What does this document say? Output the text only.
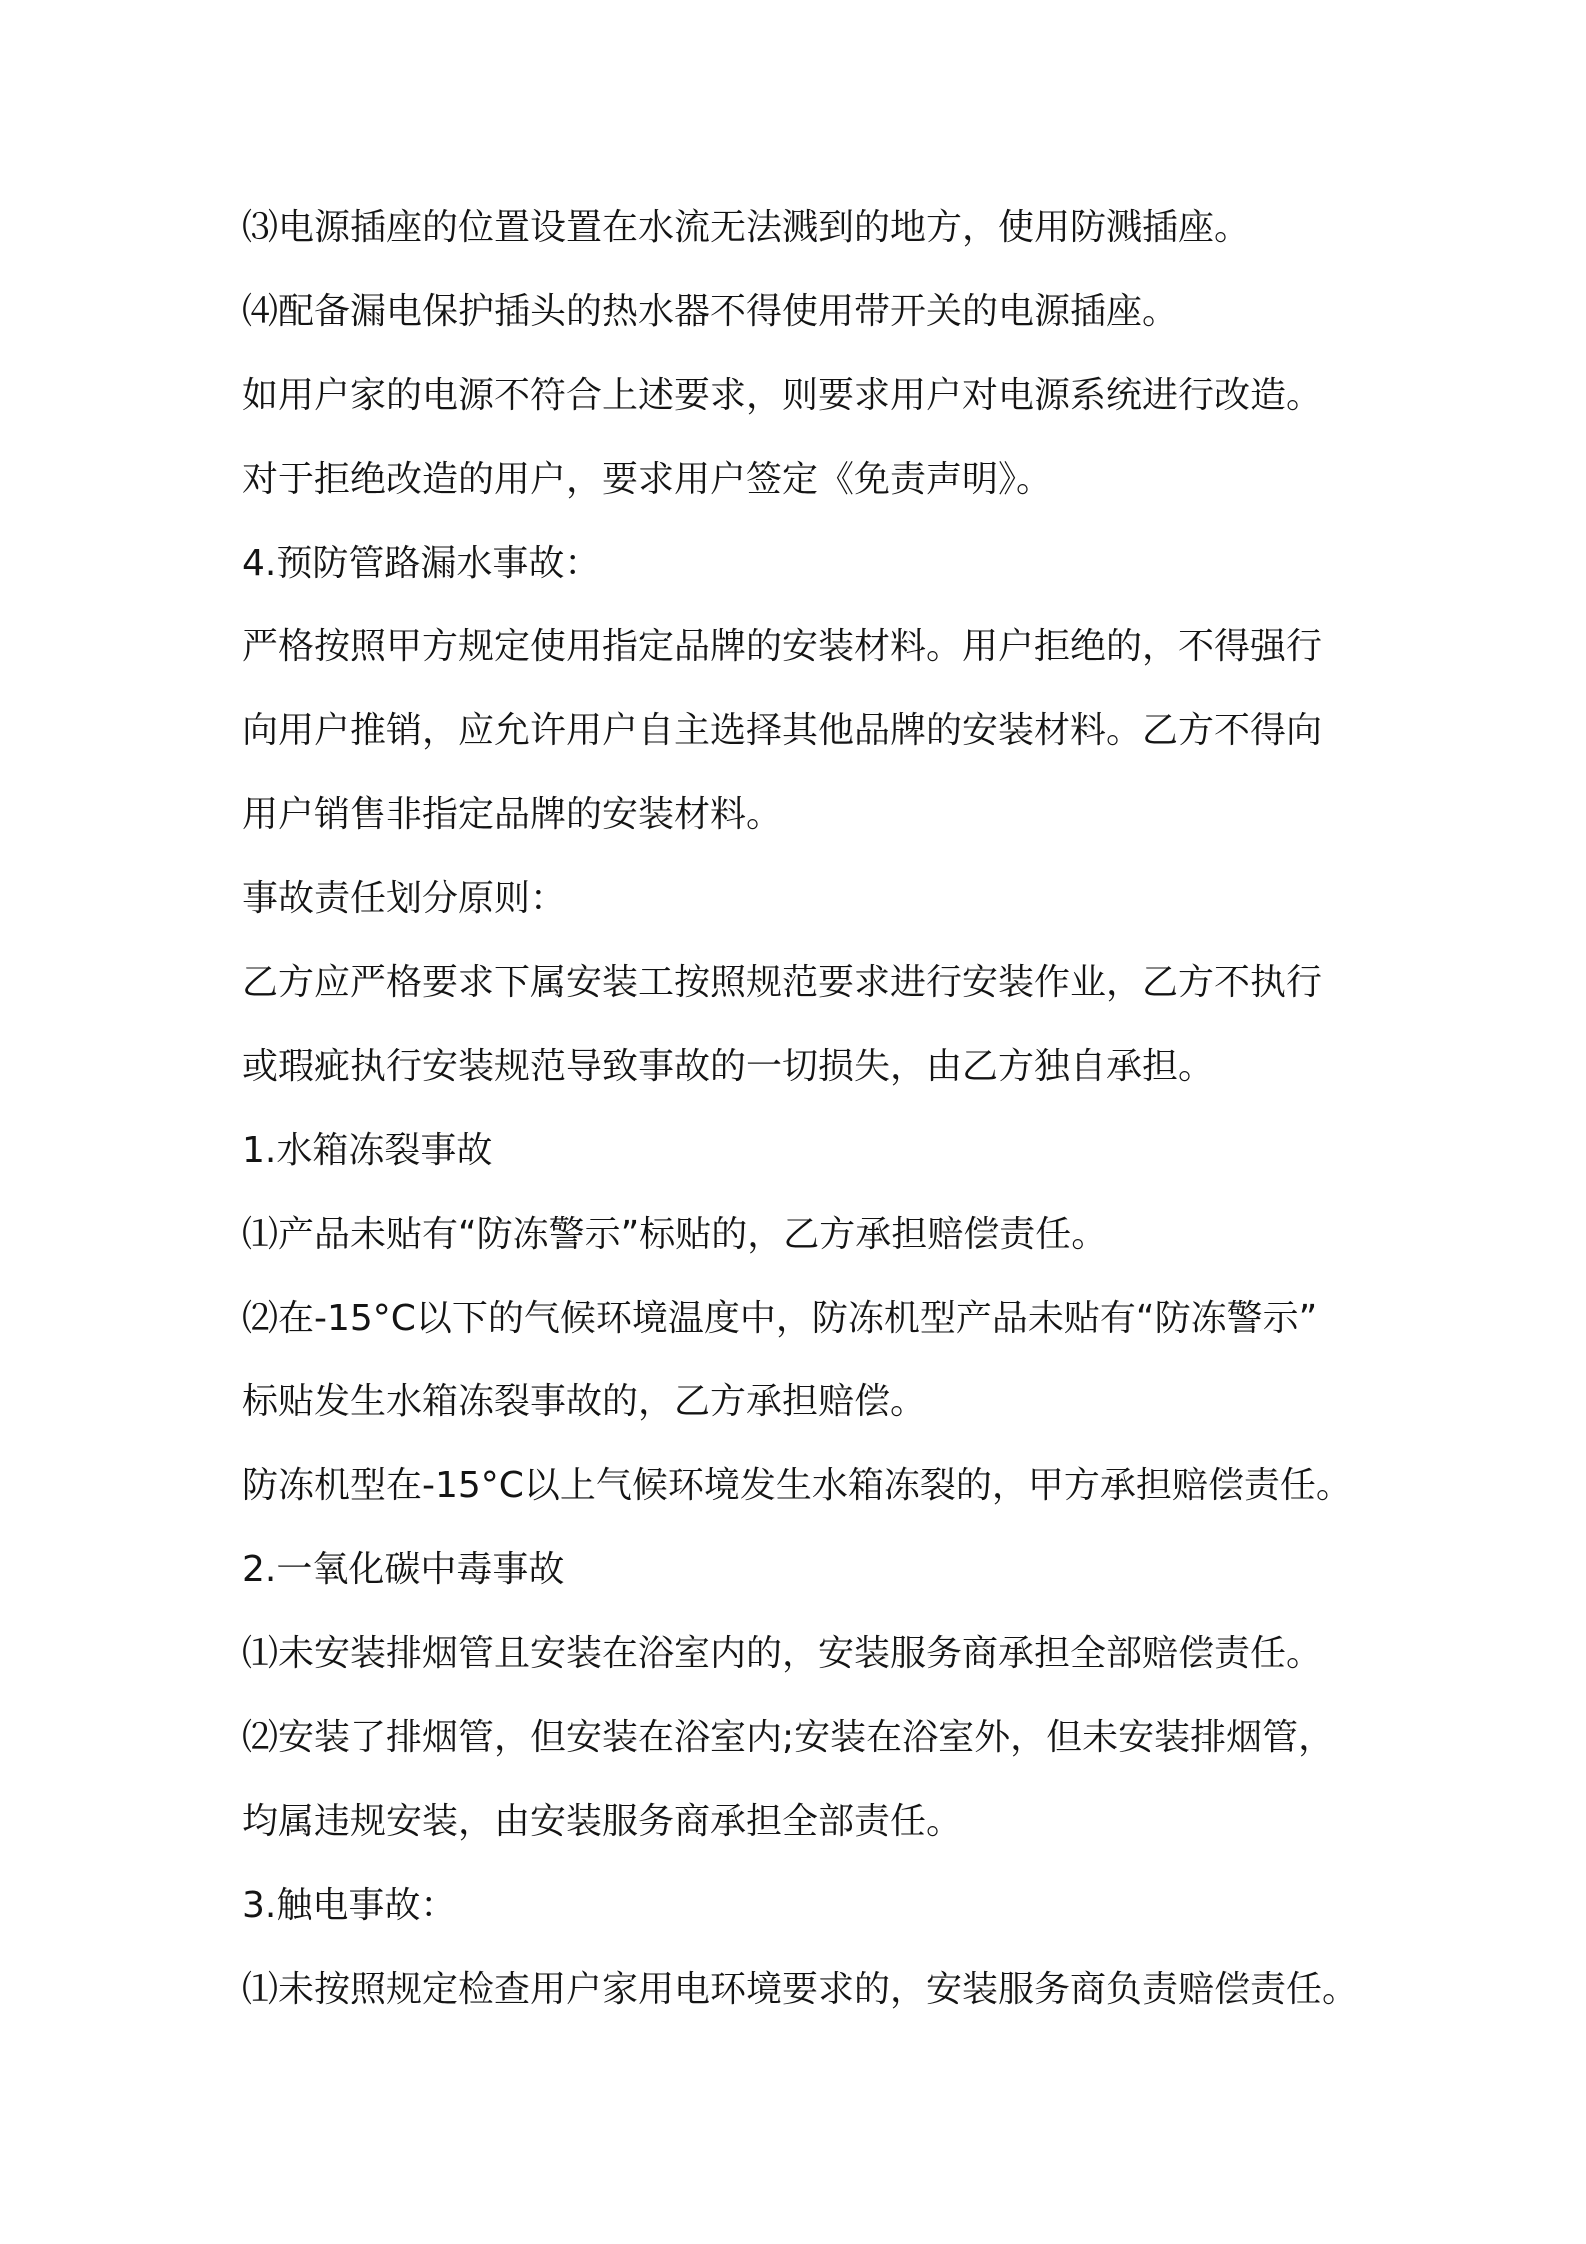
⑶电源插座的位置设置在水流无法溅到的地方，使用防溅插座。
⑷配备漏电保护插头的热水器不得使用带开关的电源插座。
如用户家的电源不符合上述要求，则要求用户对电源系统进行改造。
对于拒绝改造的用户，要求用户签定《免责声明》。
4.预防管路漏水事故：
严格按照甲方规定使用指定品牌的安装材料。用户拒绝的，不得强行
向用户推销，应允许用户自主选择其他品牌的安装材料。乙方不得向
用户销售非指定品牌的安装材料。
事故责任划分原则：
乙方应严格要求下属安装工按照规范要求进行安装作业，乙方不执行
或瑕疵执行安装规范导致事故的一切损失，由乙方独自承担。
1.水箱冻裂事故
⑴产品未贴有“防冻警示”标贴的，乙方承担赔偿责任。
⑵在-15°C以下的气候环境温度中，防冻机型产品未贴有“防冻警示”
标贴发生水箱冻裂事故的，乙方承担赔偿。
防冻机型在-15°C以上气候环境发生水箱冻裂的，甲方承担赔偿责任。
2.一氧化碳中毒事故
⑴未安装排烟管且安装在浴室内的，安装服务商承担全部赔偿责任。
⑵安装了排烟管，但安装在浴室内;安装在浴室外，但未安装排烟管，
均属违规安装，由安装服务商承担全部责任。
3.触电事故：
⑴未按照规定检查用户家用电环境要求的，安装服务商负责赔偿责任。
